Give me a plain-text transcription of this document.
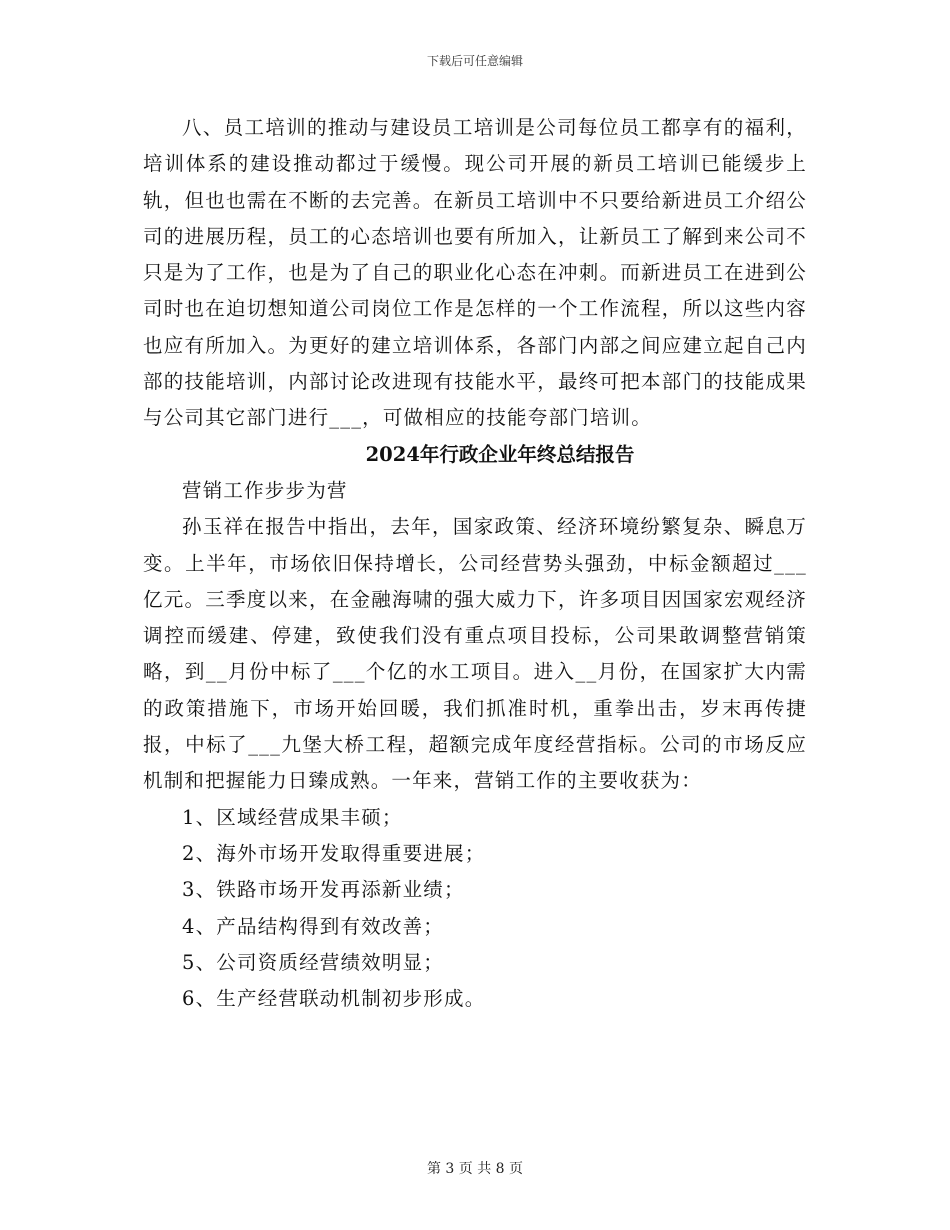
下载后可任意编辑

八、员工培训的推动与建设员工培训是公司每位员工都享有的福利，培训体系的建设推动都过于缓慢。现公司开展的新员工培训已能缓步上轨，但也也需在不断的去完善。在新员工培训中不只要给新进员工介绍公司的进展历程，员工的心态培训也要有所加入，让新员工了解到来公司不只是为了工作，也是为了自己的职业化心态在冲刺。而新进员工在进到公司时也在迫切想知道公司岗位工作是怎样的一个工作流程，所以这些内容也应有所加入。为更好的建立培训体系，各部门内部之间应建立起自己内部的技能培训，内部讨论改进现有技能水平，最终可把本部门的技能成果与公司其它部门进行___，可做相应的技能夸部门培训。

2024年行政企业年终总结报告

营销工作步步为营

孙玉祥在报告中指出，去年，国家政策、经济环境纷繁复杂、瞬息万变。上半年，市场依旧保持增长，公司经营势头强劲，中标金额超过___亿元。三季度以来，在金融海啸的强大威力下，许多项目因国家宏观经济调控而缓建、停建，致使我们没有重点项目投标，公司果敢调整营销策略，到__月份中标了___个亿的水工项目。进入__月份，在国家扩大内需的政策措施下，市场开始回暖，我们抓准时机，重拳出击，岁末再传捷报，中标了___九堡大桥工程，超额完成年度经营指标。公司的市场反应机制和把握能力日臻成熟。一年来，营销工作的主要收获为：

1、区域经营成果丰硕；

2、海外市场开发取得重要进展；

3、铁路市场开发再添新业绩；

4、产品结构得到有效改善；

5、公司资质经营绩效明显；

6、生产经营联动机制初步形成。

第 3 页 共 8 页
